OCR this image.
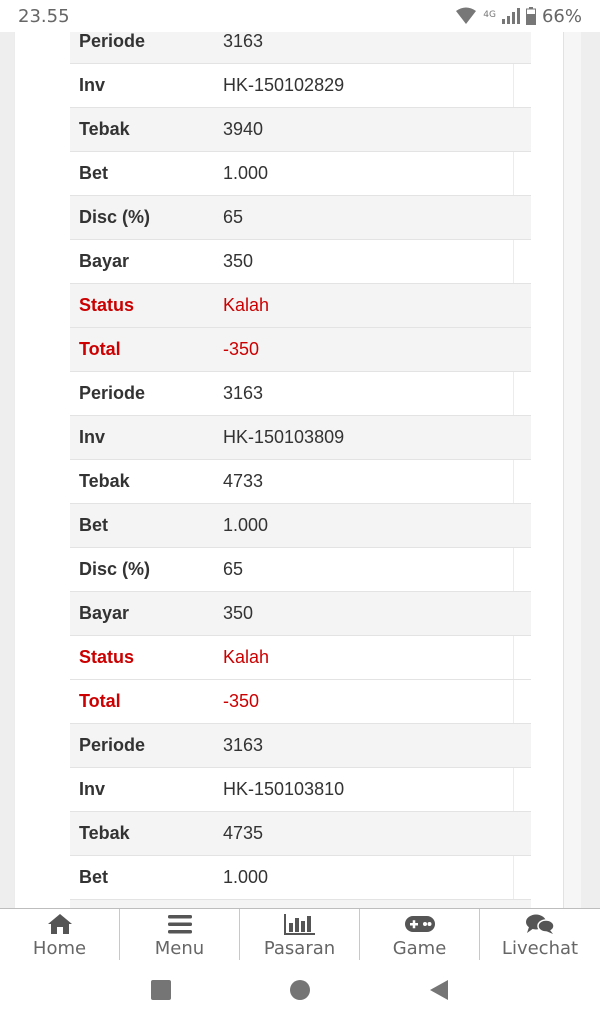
23.55	4G	66%
Periode	3163
Inv	HK-150102829
Tebak	3940
Bet	1.000
Disc (%)	65
Bayar	350
Status	Kalah
Total	-350
Periode	3163
Inv	HK-150103809
Tebak	4733
Bet	1.000
Disc (%)	65
Bayar	350
Status	Kalah
Total	-350
Periode	3163
Inv	HK-150103810
Tebak	4735
Bet	1.000
Home	Menu	Pasaran	Game	Livechat
